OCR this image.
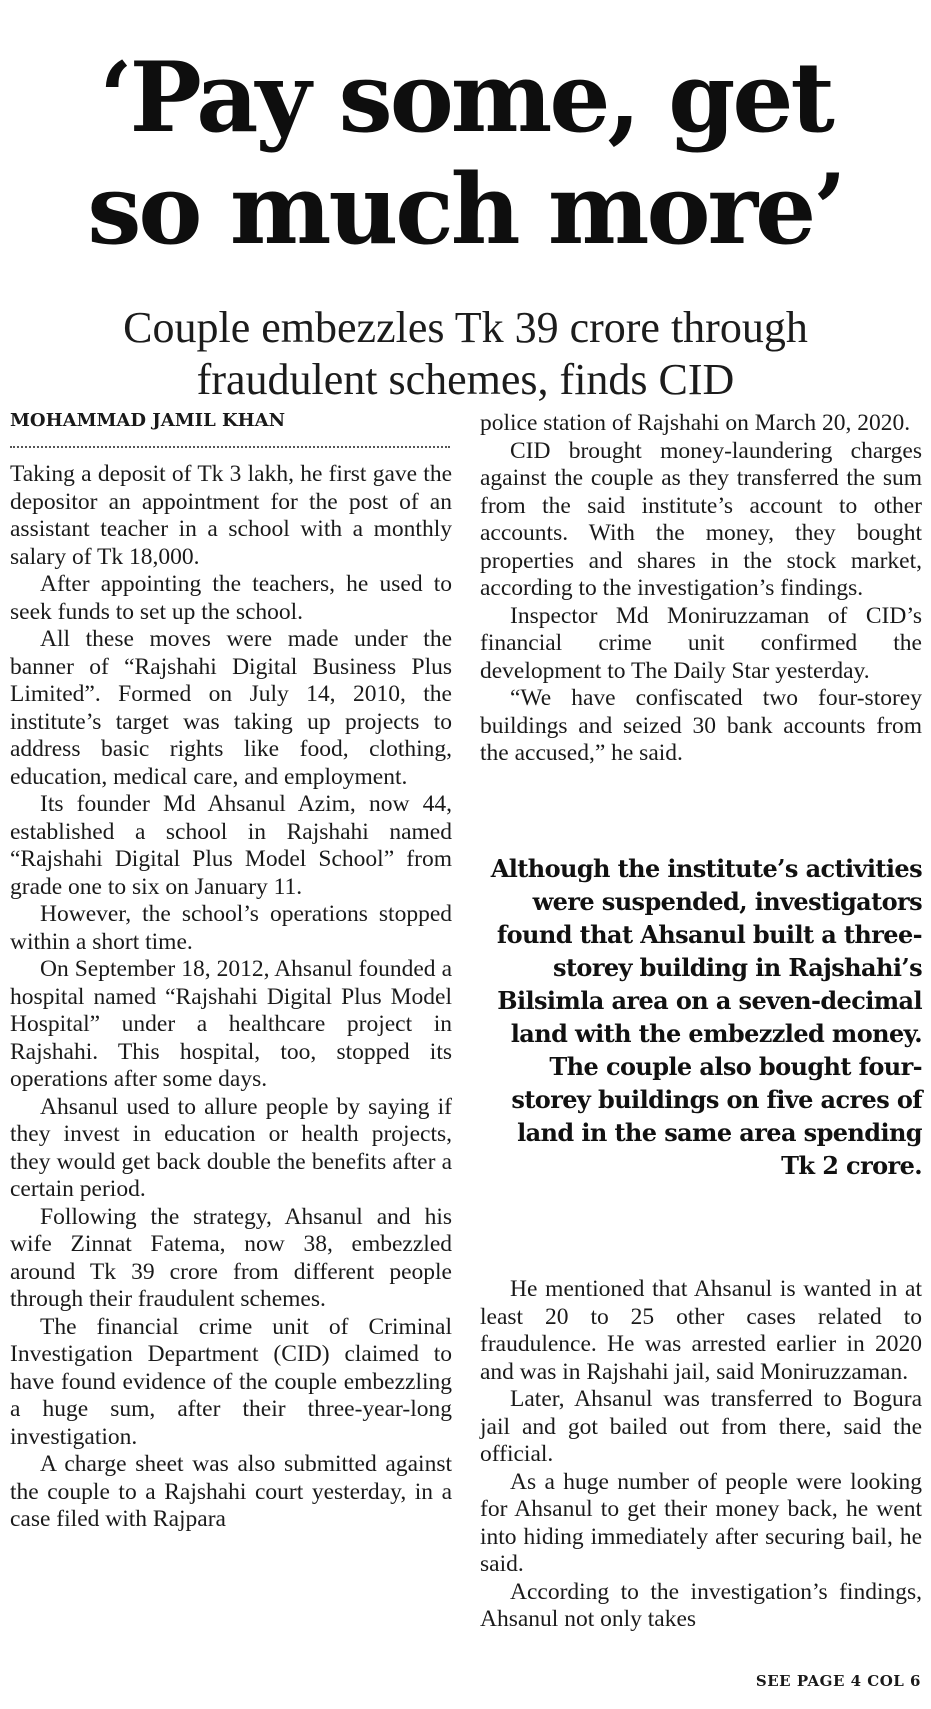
‘Pay some, get
so much more’
Couple embezzles Tk 39 crore through
fraudulent schemes, finds CID
MOHAMMAD JAMIL KHAN

Taking a deposit of Tk 3 lakh, he first gave the depositor an appointment for the post of an assistant teacher in a school with a monthly salary of Tk 18,000.

After appointing the teachers, he used to seek funds to set up the school.

All these moves were made under the banner of “Rajshahi Digital Business Plus Limited”. Formed on July 14, 2010, the institute’s target was taking up projects to address basic rights like food, clothing, education, medical care, and employment.

Its founder Md Ahsanul Azim, now 44, established a school in Rajshahi named “Rajshahi Digital Plus Model School” from grade one to six on January 11.

However, the school’s operations stopped within a short time.

On September 18, 2012, Ahsanul founded a hospital named “Rajshahi Digital Plus Model Hospital” under a healthcare project in Rajshahi. This hospital, too, stopped its operations after some days.

Ahsanul used to allure people by saying if they invest in education or health projects, they would get back double the benefits after a certain period.

Following the strategy, Ahsanul and his wife Zinnat Fatema, now 38, embezzled around Tk 39 crore from different people through their fraudulent schemes.

The financial crime unit of Criminal Investigation Department (CID) claimed to have found evidence of the couple embezzling a huge sum, after their three-year-long investigation.

A charge sheet was also submitted against the couple to a Rajshahi court yesterday, in a case filed with Rajpara

police station of Rajshahi on March 20, 2020.

CID brought money-laundering charges against the couple as they transferred the sum from the said institute’s account to other accounts. With the money, they bought properties and shares in the stock market, according to the investigation’s findings.

Inspector Md Moniruzzaman of CID’s financial crime unit confirmed the development to The Daily Star yesterday.

“We have confiscated two four-storey buildings and seized 30 bank accounts from the accused,” he said.

Although the institute’s activities were suspended, investigators found that Ahsanul built a three-storey building in Rajshahi’s Bilsimla area on a seven-decimal land with the embezzled money. The couple also bought four-storey buildings on five acres of land in the same area spending Tk 2 crore.

He mentioned that Ahsanul is wanted in at least 20 to 25 other cases related to fraudulence. He was arrested earlier in 2020 and was in Rajshahi jail, said Moniruzzaman.

Later, Ahsanul was transferred to Bogura jail and got bailed out from there, said the official.

As a huge number of people were looking for Ahsanul to get their money back, he went into hiding immediately after securing bail, he said.

According to the investigation’s findings, Ahsanul not only takes

SEE PAGE 4 COL 6
